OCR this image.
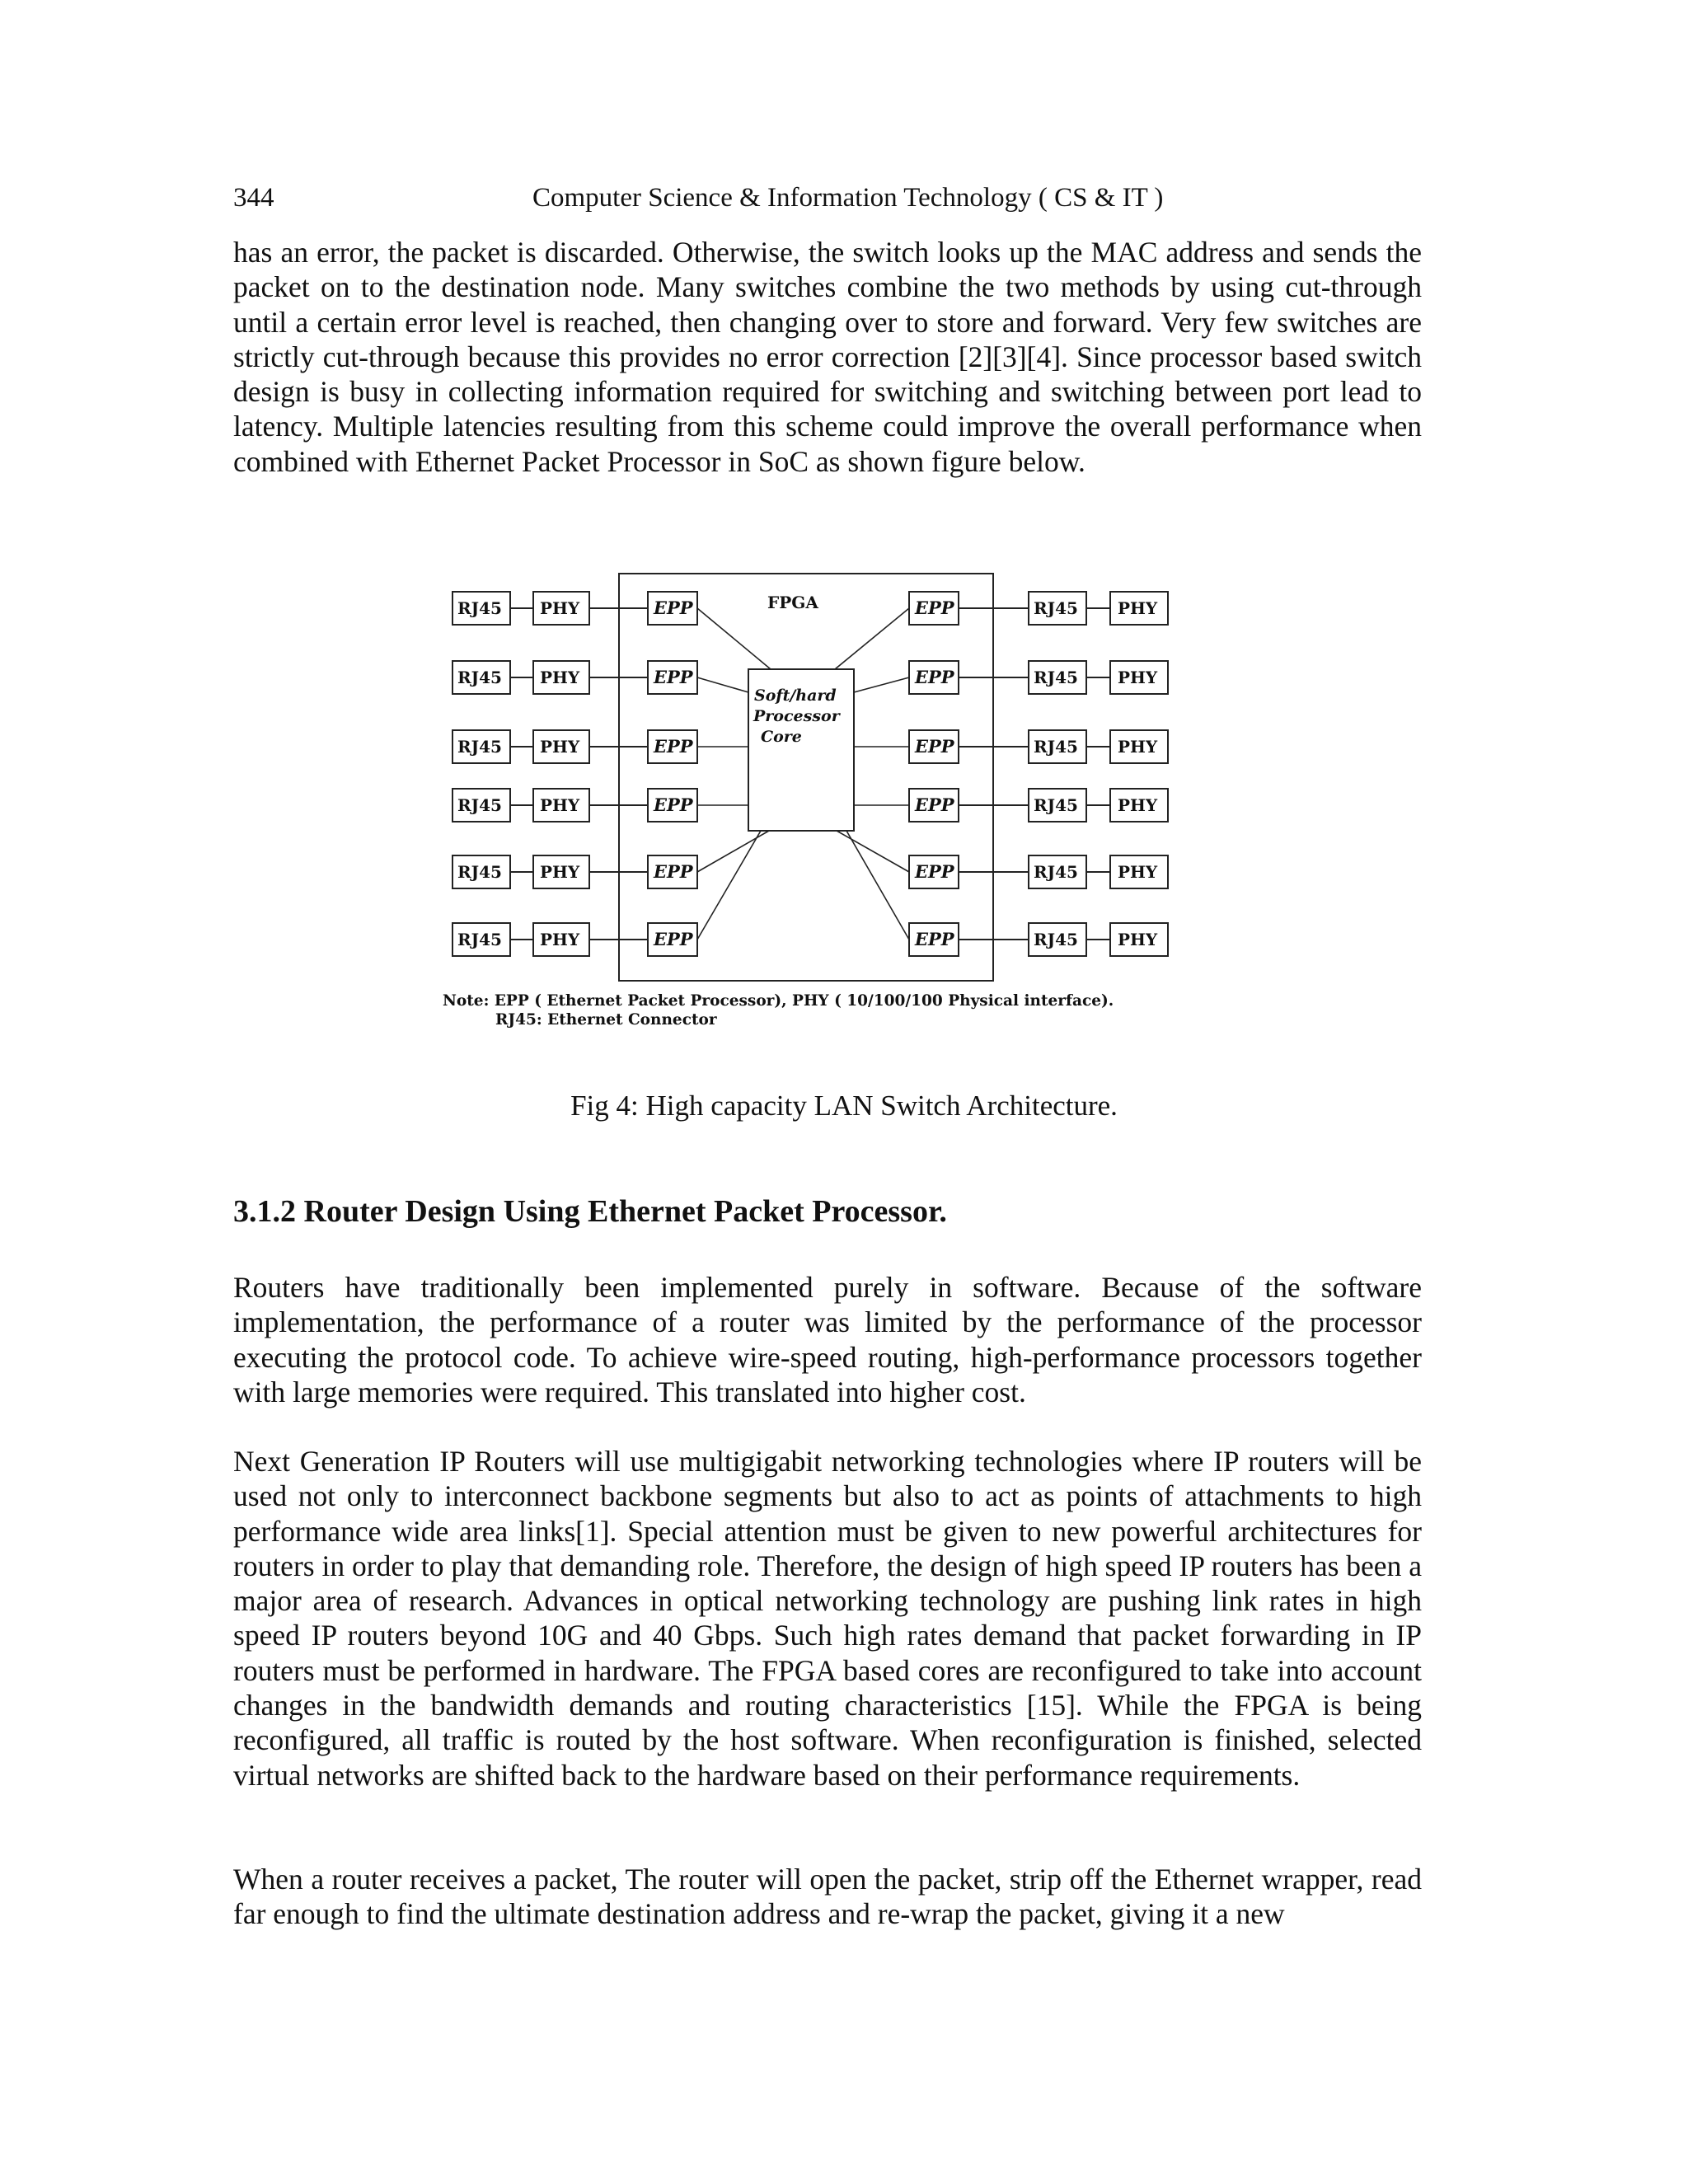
344	Computer Science & Information Technology ( CS & IT )

has an error, the packet is discarded. Otherwise, the switch looks up the MAC address and sends the packet on to the destination node. Many switches combine the two methods by using cut-through until a certain error level is reached, then changing over to store and forward. Very few switches are strictly cut-through because this provides no error correction [2][3][4]. Since processor based switch design is busy in collecting information required for switching and switching between port lead to latency. Multiple latencies resulting from this scheme could improve the overall performance when combined with Ethernet Packet Processor in SoC as shown figure below.

FPGA
Soft/hard
Processor
Core
RJ45 PHY	EPP	EPP	RJ45 PHY
RJ45 PHY	EPP	EPP	RJ45 PHY
RJ45 PHY	EPP	EPP	RJ45 PHY
RJ45 PHY	EPP	EPP	RJ45 PHY
RJ45 PHY	EPP	EPP	RJ45 PHY
RJ45 PHY	EPP	EPP	RJ45 PHY
Note: EPP ( Ethernet Packet Processor), PHY ( 10/100/100 Physical interface).
RJ45: Ethernet Connector

Fig 4: High capacity LAN Switch Architecture.

3.1.2 Router Design Using Ethernet Packet Processor.

Routers have traditionally been implemented purely in software. Because of the software implementation, the performance of a router was limited by the performance of the processor executing the protocol code. To achieve wire-speed routing, high-performance processors together with large memories were required. This translated into higher cost.

Next Generation IP Routers will use multigigabit networking technologies where IP routers will be used not only to interconnect backbone segments but also to act as points of attachments to high performance wide area links[1]. Special attention must be given to new powerful architectures for routers in order to play that demanding role. Therefore, the design of high speed IP routers has been a major area of research. Advances in optical networking technology are pushing link rates in high speed IP routers beyond 10G and 40 Gbps. Such high rates demand that packet forwarding in IP routers must be performed in hardware. The FPGA based cores are reconfigured to take into account changes in the bandwidth demands and routing characteristics [15]. While the FPGA is being reconfigured, all traffic is routed by the host software. When reconfiguration is finished, selected virtual networks are shifted back to the hardware based on their performance requirements.

When a router receives a packet, The router will open the packet, strip off the Ethernet wrapper, read far enough to find the ultimate destination address and re-wrap the packet, giving it a new
